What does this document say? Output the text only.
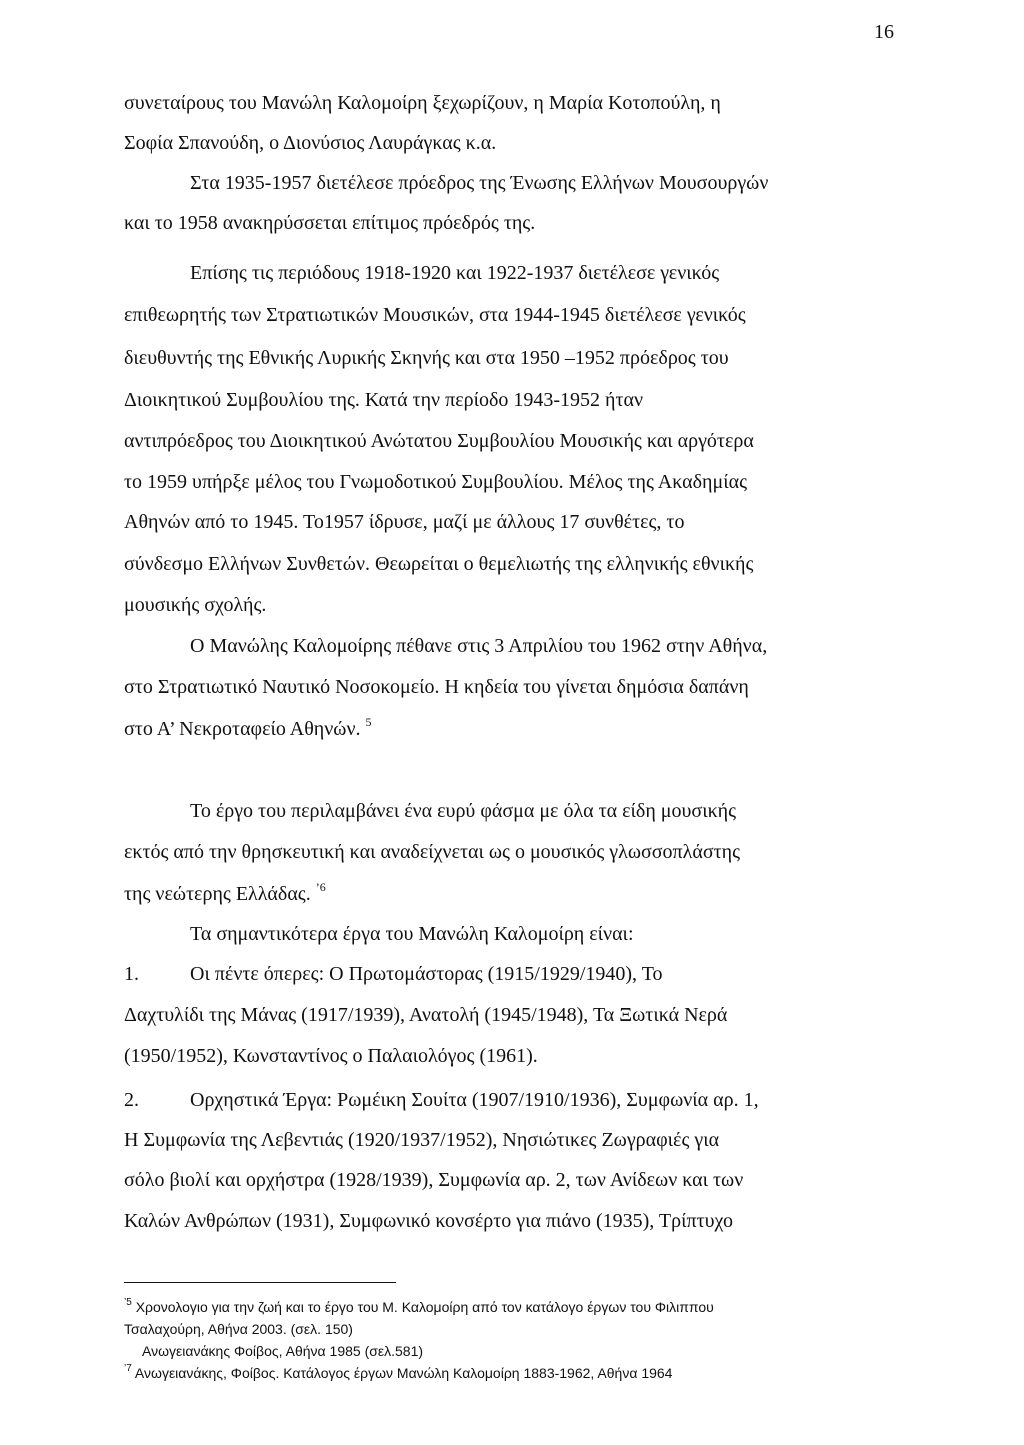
16
συνεταίρους του Μανώλη Καλομοίρη ξεχωρίζουν, η Μαρία Κοτοπούλη, η
Σοφία Σπανούδη, ο Διονύσιος Λαυράγκας κ.α.
Στα 1935-1957 διετέλεσε πρόεδρος της Ένωσης Ελλήνων Μουσουργών
και το 1958 ανακηρύσσεται επίτιμος πρόεδρός της.
Επίσης τις περιόδους 1918-1920 και 1922-1937 διετέλεσε γενικός
επιθεωρητής των Στρατιωτικών Μουσικών, στα 1944-1945 διετέλεσε γενικός
διευθυντής της Εθνικής Λυρικής Σκηνής και στα 1950 –1952 πρόεδρος του
Διοικητικού Συμβουλίου της. Κατά την περίοδο 1943-1952 ήταν
αντιπρόεδρος του Διοικητικού Ανώτατου Συμβουλίου Μουσικής και αργότερα
το 1959 υπήρξε μέλος του Γνωμοδοτικού Συμβουλίου. Μέλος της Ακαδημίας
Αθηνών από το 1945. Το1957 ίδρυσε, μαζί με άλλους 17 συνθέτες, το
σύνδεσμο Ελλήνων Συνθετών. Θεωρείται ο θεμελιωτής της ελληνικής εθνικής
μουσικής σχολής.
Ο Μανώλης Καλομοίρης πέθανε στις 3 Απριλίου του 1962 στην Αθήνα,
στο Στρατιωτικό Ναυτικό Νοσοκομείο. Η κηδεία του γίνεται δημόσια δαπάνη
στο Α’ Νεκροταφείο Αθηνών. $^5$
Το έργο του περιλαμβάνει ένα ευρύ φάσμα με όλα τα είδη μουσικής
εκτός από την θρησκευτική και αναδείχνεται ως ο μουσικός γλωσσοπλάστης
της νεώτερης Ελλάδας. $^{’6}$
Τα σημαντικότερα έργα του Μανώλη Καλομοίρη είναι:
1.	Οι πέντε όπερες: Ο Πρωτομάστορας (1915/1929/1940), Το
Δαχτυλίδι της Μάνας (1917/1939), Ανατολή (1945/1948), Τα Ξωτικά Νερά
(1950/1952), Κωνσταντίνος ο Παλαιολόγος (1961).
2.	Ορχηστικά Έργα: Ρωμέικη Σουίτα (1907/1910/1936), Συμφωνία αρ. 1,
Η Συμφωνία της Λεβεντιάς (1920/1937/1952), Νησιώτικες Ζωγραφιές για
σόλο βιολί και ορχήστρα (1928/1939), Συμφωνία αρ. 2, των Ανίδεων και των
Καλών Ανθρώπων (1931), Συμφωνικό κονσέρτο για πιάνο (1935), Τρίπτυχο
$^{’5}$ Χρονολογιο για την ζωή και το έργο του Μ. Καλομοίρη από τον κατάλογο έργων του Φιλιππου
Τσαλαχούρη, Αθήνα 2003. (σελ. 150)
Ανωγειανάκης Φοίβος, Αθήνα 1985 (σελ.581)
$^{’7}$ Ανωγειανάκης, Φοίβος. Κατάλογος έργων Μανώλη Καλομοίρη 1883-1962, Αθήνα 1964
